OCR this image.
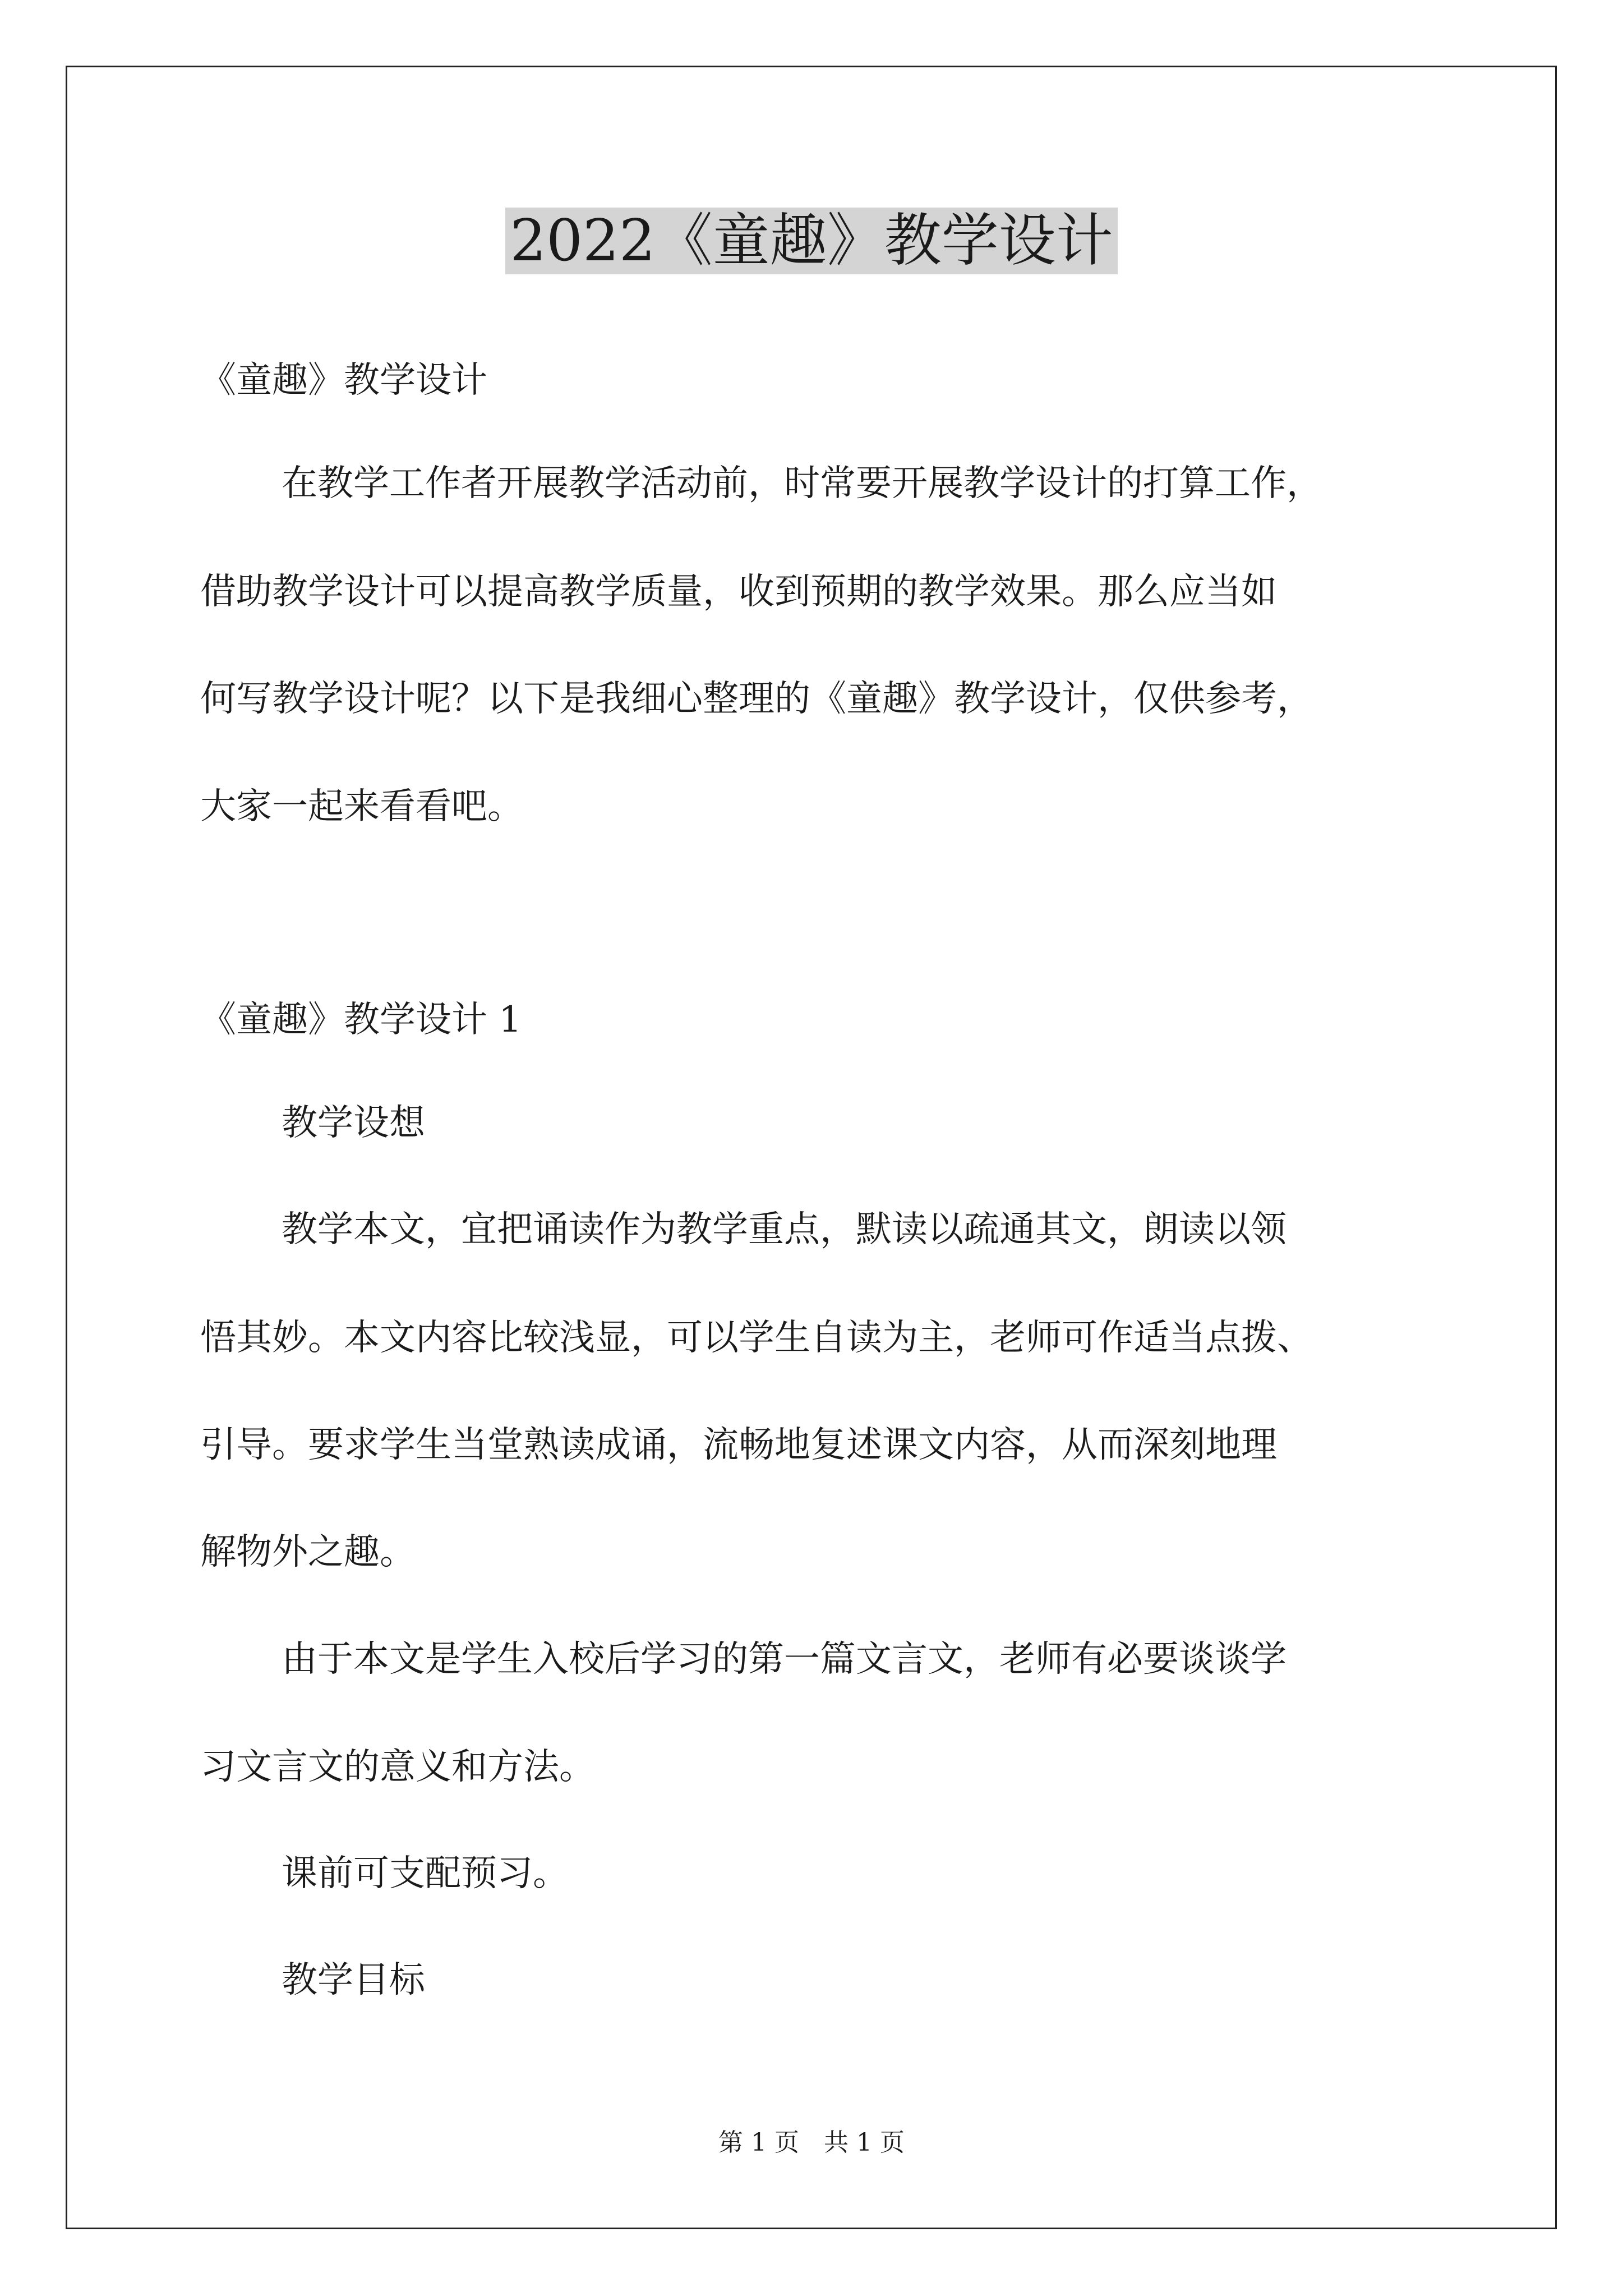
2022《童趣》教学设计
《童趣》教学设计
在教学工作者开展教学活动前，时常要开展教学设计的打算工作，
借助教学设计可以提高教学质量，收到预期的教学效果。那么应当如
何写教学设计呢？以下是我细心整理的《童趣》教学设计，仅供参考，
大家一起来看看吧。
《童趣》教学设计 1
教学设想
教学本文，宜把诵读作为教学重点，默读以疏通其文，朗读以领
悟其妙。本文内容比较浅显，可以学生自读为主，老师可作适当点拨、
引导。要求学生当堂熟读成诵，流畅地复述课文内容，从而深刻地理
解物外之趣。
由于本文是学生入校后学习的第一篇文言文，老师有必要谈谈学
习文言文的意义和方法。
课前可支配预习。
教学目标
第 1 页　共 1 页
